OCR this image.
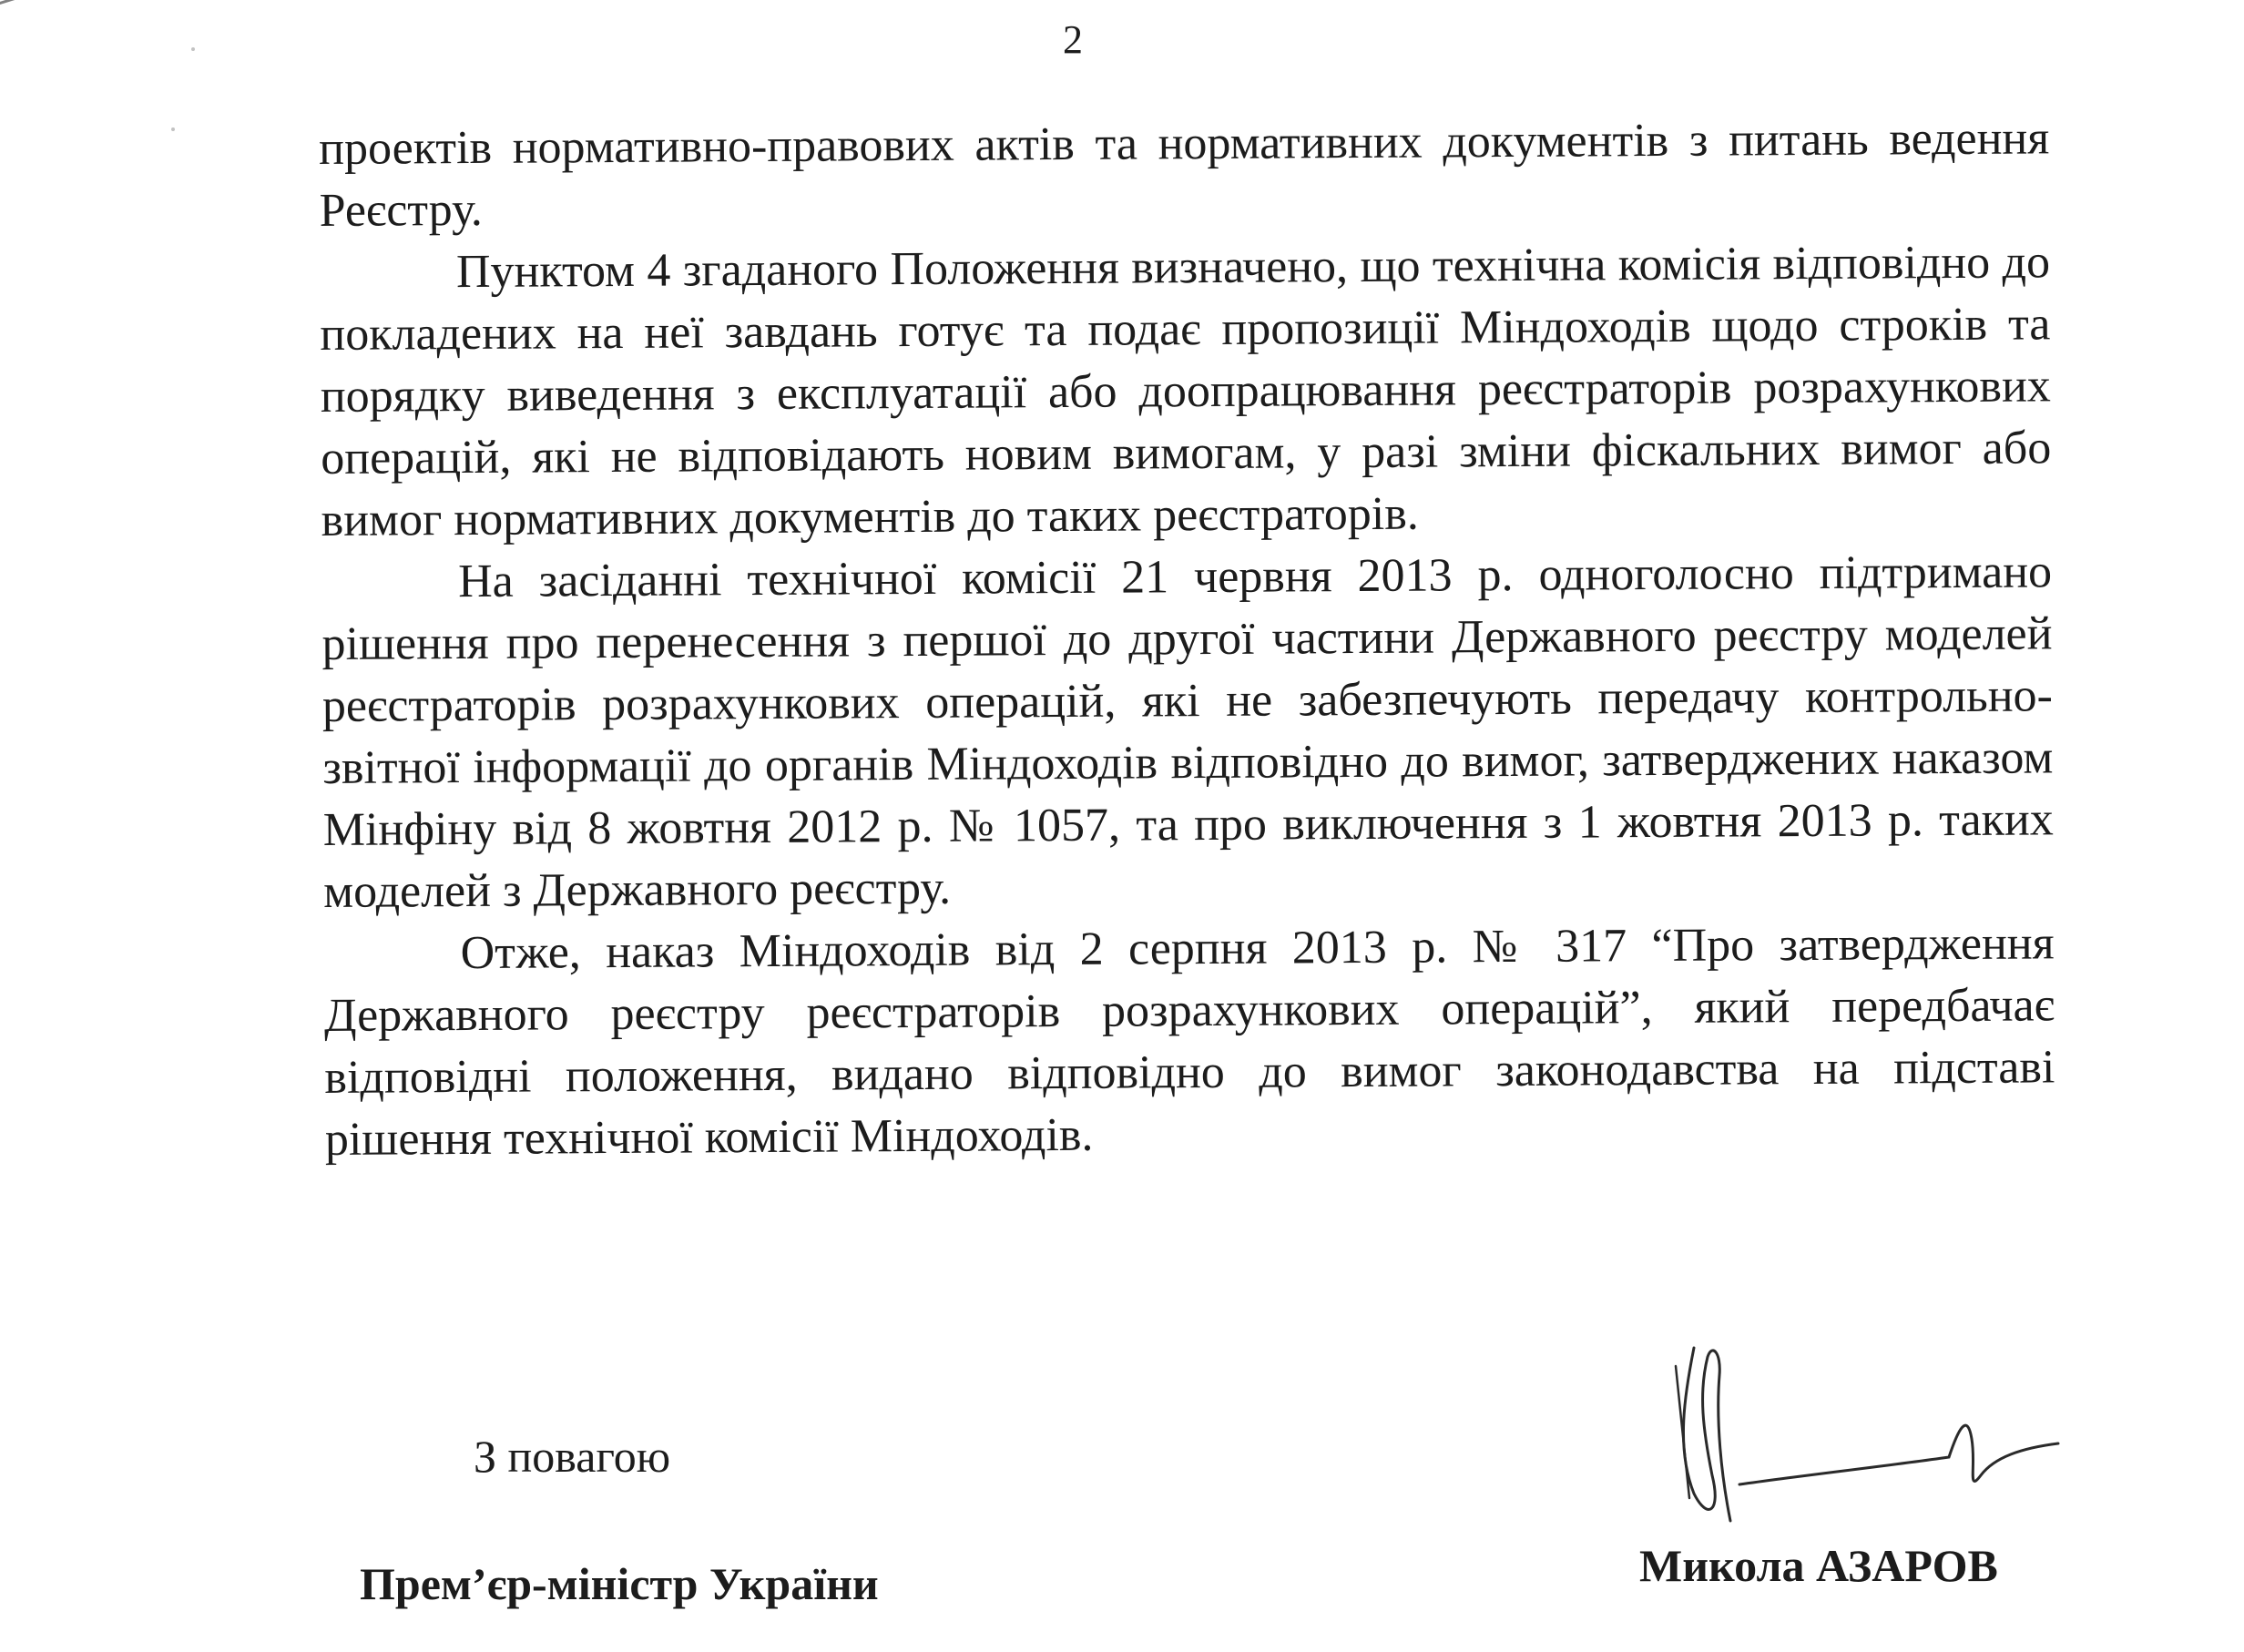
2

проектів нормативно-правових актів та нормативних документів з питань ведення Реєстру.

Пунктом 4 згаданого Положення визначено, що технічна комісія відповідно до покладених на неї завдань готує та подає пропозиції Міндоходів щодо строків та порядку виведення з експлуатації або доопрацювання реєстраторів розрахункових операцій, які не відповідають новим вимогам, у разі зміни фіскальних вимог або вимог нормативних документів до таких реєстраторів.

На засіданні технічної комісії 21 червня 2013 р. одноголосно підтримано рішення про перенесення з першої до другої частини Державного реєстру моделей реєстраторів розрахункових операцій, які не забезпечують передачу контрольно-звітної інформації до органів Міндоходів відповідно до вимог, затверджених наказом Мінфіну від 8 жовтня 2012 р. № 1057, та про виключення з 1 жовтня 2013 р. таких моделей з Державного реєстру.

Отже, наказ Міндоходів від 2 серпня 2013 р. № 317 “Про затвердження Державного реєстру реєстраторів розрахункових операцій”, який передбачає відповідні положення, видано відповідно до вимог законодавства на підставі рішення технічної комісії Міндоходів.

З повагою
Прем’єр-міністр України	Микола АЗАРОВ
